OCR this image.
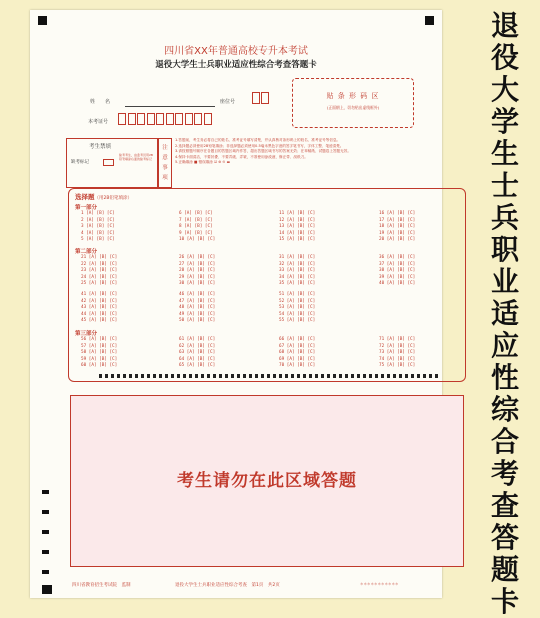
四川省XX年普通高校专升本考试
退役大学生士兵职业适应性综合考查答题卡
姓　　名	座位号
本考证号
贴 条 形 码 区
(正面朝上，切勿贴出虚线框外)
考生禁填
缺考标记
缺考考生，由监考员用2B铅笔填涂右面的缺考标记
注意事项
1.答题前，考生务必将自己的姓名、准考证号填写清楚，并认真核对条形码上的姓名、准考证号等信息。
2.选择题必须使用2B铅笔填涂；非选择题必须使用0.5毫米黑色字迹的签字笔书写，字体工整、笔迹清楚。
3.请按照题号顺序在各题目的答题区域内作答，超出答题区域书写的答案无效；在草稿纸、试题卷上答题无效。
4.保持卡面清洁，不要折叠、不要弄破、弄皱，不准使用涂改液、修正带、刮纸刀。
5.正确填涂 ■ 错误填涂 ☑ ⊗ ⊙ ▬
选择题（用2B铅笔填涂）
第一部分
第二部分
第三部分
1 [A] [B] [C]
2 [A] [B] [C]
3 [A] [B] [C]
4 [A] [B] [C]
5 [A] [B] [C]
6 [A] [B] [C]
7 [A] [B] [C]
8 [A] [B] [C]
9 [A] [B] [C]
10 [A] [B] [C]
11 [A] [B] [C]
12 [A] [B] [C]
13 [A] [B] [C]
14 [A] [B] [C]
15 [A] [B] [C]
16 [A] [B] [C]
17 [A] [B] [C]
18 [A] [B] [C]
19 [A] [B] [C]
20 [A] [B] [C]
21 [A] [B] [C]
22 [A] [B] [C]
23 [A] [B] [C]
24 [A] [B] [C]
25 [A] [B] [C]
26 [A] [B] [C]
27 [A] [B] [C]
28 [A] [B] [C]
29 [A] [B] [C]
30 [A] [B] [C]
31 [A] [B] [C]
32 [A] [B] [C]
33 [A] [B] [C]
34 [A] [B] [C]
35 [A] [B] [C]
36 [A] [B] [C]
37 [A] [B] [C]
38 [A] [B] [C]
39 [A] [B] [C]
40 [A] [B] [C]
41 [A] [B] [C]
42 [A] [B] [C]
43 [A] [B] [C]
44 [A] [B] [C]
45 [A] [B] [C]
46 [A] [B] [C]
47 [A] [B] [C]
48 [A] [B] [C]
49 [A] [B] [C]
50 [A] [B] [C]
51 [A] [B] [C]
52 [A] [B] [C]
53 [A] [B] [C]
54 [A] [B] [C]
55 [A] [B] [C]
56 [A] [B] [C]
57 [A] [B] [C]
58 [A] [B] [C]
59 [A] [B] [C]
60 [A] [B] [C]
61 [A] [B] [C]
62 [A] [B] [C]
63 [A] [B] [C]
64 [A] [B] [C]
65 [A] [B] [C]
66 [A] [B] [C]
67 [A] [B] [C]
68 [A] [B] [C]
69 [A] [B] [C]
70 [A] [B] [C]
71 [A] [B] [C]
72 [A] [B] [C]
73 [A] [B] [C]
74 [A] [B] [C]
75 [A] [B] [C]
考生请勿在此区域答题
四川省教育招生考试院　监制	退役大学生士兵职业适应性综合考查　第1页　共2页	＊＊＊＊＊＊＊＊＊＊＊
退
役
大
学
生
士
兵
职
业
适
应
性
综
合
考
查
答
题
卡
